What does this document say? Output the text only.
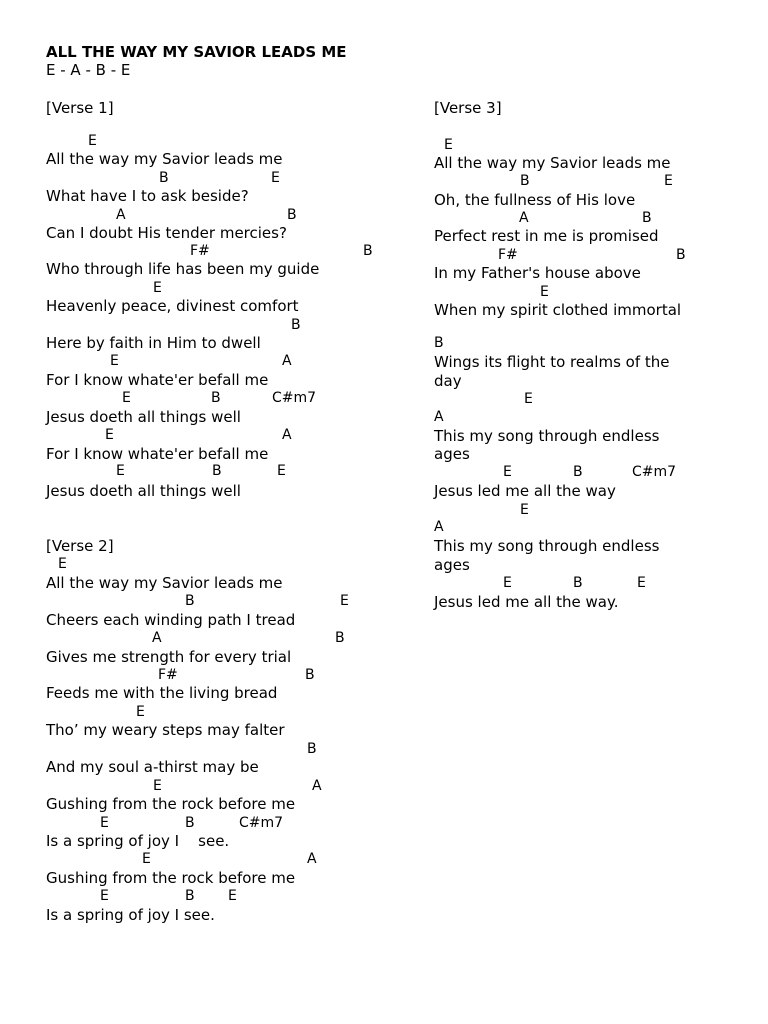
ALL THE WAY MY SAVIOR LEADS ME
E - A - B - E
[Verse 1]
E
All the way my Savior leads me
B	E
What have I to ask beside?
A	B
Can I doubt His tender mercies?
F#	B
Who through life has been my guide
E
Heavenly peace, divinest comfort
B
Here by faith in Him to dwell
E	A
For I know whate'er befall me
E	B	C#m7
Jesus doeth all things well
E	A
For I know whate'er befall me
E	B	E
Jesus doeth all things well
[Verse 2]
E
All the way my Savior leads me
B	E
Cheers each winding path I tread
A	B
Gives me strength for every trial
F#	B
Feeds me with the living bread
E
Tho’ my weary steps may falter
B
And my soul a-thirst may be
E	A
Gushing from the rock before me
E	B	C#m7
Is a spring of joy I    see.
E	A
Gushing from the rock before me
E	B E
Is a spring of joy I see.
[Verse 3]
E
All the way my Savior leads me
B	E
Oh, the fullness of His love
A	B
Perfect rest in me is promised
F#	B
In my Father's house above
E
When my spirit clothed immortal
B
Wings its flight to realms of the
day
E
A
This my song through endless
ages
E	B	C#m7
Jesus led me all the way
E
A
This my song through endless
ages
E	B	E
Jesus led me all the way.
